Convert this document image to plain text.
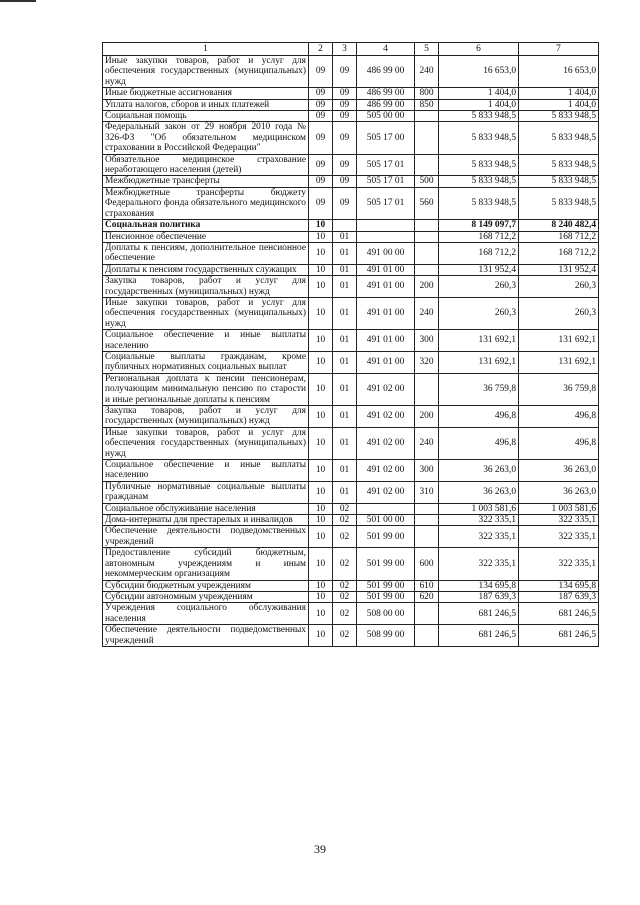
1	2	3	4	5	6	7
Иные закупки товаров, работ и услуг для обеспечения государственных (муниципальных) нужд	09	09	486 99 00	240	16 653,0	16 653,0
Иные бюджетные ассигнования	09	09	486 99 00	800	1 404,0	1 404,0
Уплата налогов, сборов и иных платежей	09	09	486 99 00	850	1 404,0	1 404,0
Социальная помощь	09	09	505 00 00		5 833 948,5	5 833 948,5
Федеральный закон от 29 ноября 2010 года № 326-ФЗ "Об обязательном медицинском страховании в Российской Федерации"	09	09	505 17 00		5 833 948,5	5 833 948,5
Обязательное медицинское страхование неработающего населения (детей)	09	09	505 17 01		5 833 948,5	5 833 948,5
Межбюджетные трансферты	09	09	505 17 01	500	5 833 948,5	5 833 948,5
Межбюджетные трансферты бюджету Федерального фонда обязательного медицинского страхования	09	09	505 17 01	560	5 833 948,5	5 833 948,5
Социальная политика	10				8 149 097,7	8 240 482,4
Пенсионное обеспечение	10	01			168 712,2	168 712,2
Доплаты к пенсиям, дополнительное пенсионное обеспечение	10	01	491 00 00		168 712,2	168 712,2
Доплаты к пенсиям государственных служащих	10	01	491 01 00		131 952,4	131 952,4
Закупка товаров, работ и услуг для государственных (муниципальных) нужд	10	01	491 01 00	200	260,3	260,3
Иные закупки товаров, работ и услуг для обеспечения государственных (муниципальных) нужд	10	01	491 01 00	240	260,3	260,3
Социальное обеспечение и иные выплаты населению	10	01	491 01 00	300	131 692,1	131 692,1
Социальные выплаты гражданам, кроме публичных нормативных социальных выплат	10	01	491 01 00	320	131 692,1	131 692,1
Региональная доплата к пенсии пенсионерам, получающим минимальную пенсию по старости и иные региональные доплаты к пенсиям	10	01	491 02 00		36 759,8	36 759,8
Закупка товаров, работ и услуг для государственных (муниципальных) нужд	10	01	491 02 00	200	496,8	496,8
Иные закупки товаров, работ и услуг для обеспечения государственных (муниципальных) нужд	10	01	491 02 00	240	496,8	496,8
Социальное обеспечение и иные выплаты населению	10	01	491 02 00	300	36 263,0	36 263,0
Публичные нормативные социальные выплаты гражданам	10	01	491 02 00	310	36 263,0	36 263,0
Социальное обслуживание населения	10	02			1 003 581,6	1 003 581,6
Дома-интернаты для престарелых и инвалидов	10	02	501 00 00		322 335,1	322 335,1
Обеспечение деятельности подведомственных учреждений	10	02	501 99 00		322 335,1	322 335,1
Предоставление субсидий бюджетным, автономным учреждениям и иным некоммерческим организациям	10	02	501 99 00	600	322 335,1	322 335,1
Субсидии бюджетным учреждениям	10	02	501 99 00	610	134 695,8	134 695,8
Субсидии автономным учреждениям	10	02	501 99 00	620	187 639,3	187 639,3
Учреждения социального обслуживания населения	10	02	508 00 00		681 246,5	681 246,5
Обеспечение деятельности подведомственных учреждений	10	02	508 99 00		681 246,5	681 246,5
39
